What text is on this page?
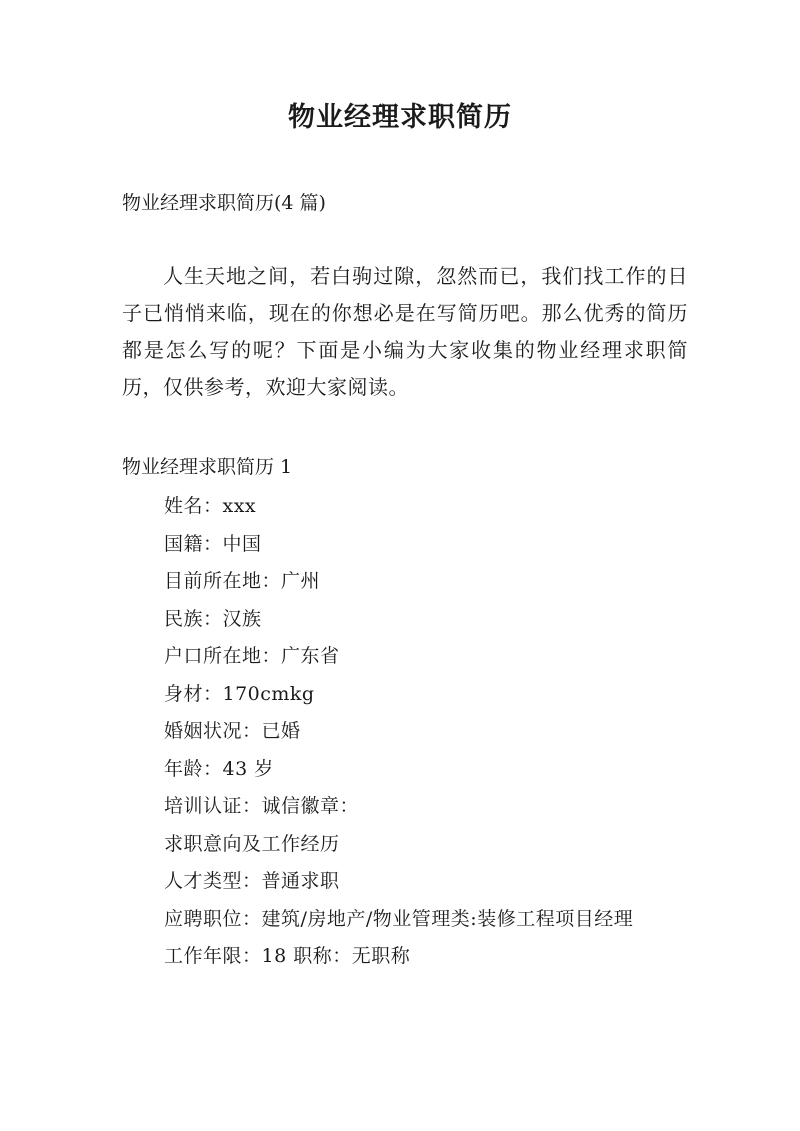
物业经理求职简历
物业经理求职简历(4 篇)

人生天地之间，若白驹过隙，忽然而已，我们找工作的日子已悄悄来临，现在的你想必是在写简历吧。那么优秀的简历都是怎么写的呢？下面是小编为大家收集的物业经理求职简历，仅供参考，欢迎大家阅读。

物业经理求职简历 1
姓名：xxx
国籍：中国
目前所在地：广州
民族：汉族
户口所在地：广东省
身材：170cmkg
婚姻状况：已婚
年龄：43 岁
培训认证：诚信徽章：
求职意向及工作经历
人才类型：普通求职
应聘职位：建筑/房地产/物业管理类:装修工程项目经理
工作年限：18 职称：无职称
